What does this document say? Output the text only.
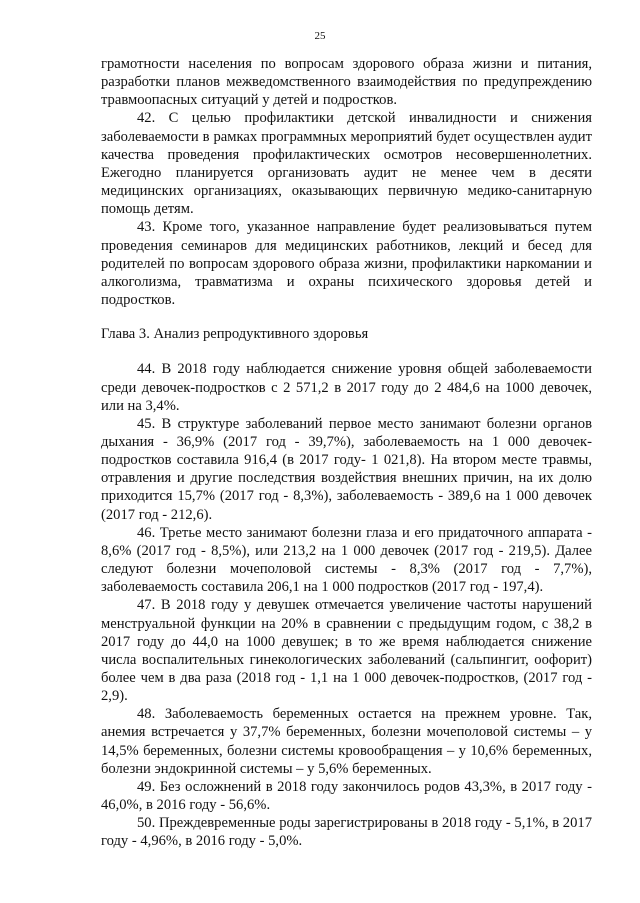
25

грамотности населения по вопросам здорового образа жизни и питания, разработки планов межведомственного взаимодействия по предупреждению травмоопасных ситуаций у детей и подростков.

42. С целью профилактики детской инвалидности и снижения заболеваемости в рамках программных мероприятий будет осуществлен аудит качества проведения профилактических осмотров несовершеннолетних. Ежегодно планируется организовать аудит не менее чем в десяти медицинских организациях, оказывающих первичную медико-санитарную помощь детям.

43. Кроме того, указанное направление будет реализовываться путем проведения семинаров для медицинских работников, лекций и бесед для родителей по вопросам здорового образа жизни, профилактики наркомании и алкоголизма, травматизма и охраны психического здоровья детей и подростков.

Глава 3. Анализ репродуктивного здоровья

44. В 2018 году наблюдается снижение уровня общей заболеваемости среди девочек-подростков с 2 571,2 в 2017 году до 2 484,6 на 1000 девочек, или на 3,4%.

45. В структуре заболеваний первое место занимают болезни органов дыхания - 36,9% (2017 год - 39,7%), заболеваемость на 1 000 девочек-подростков составила 916,4 (в 2017 году- 1 021,8). На втором месте травмы, отравления и другие последствия воздействия внешних причин, на их долю приходится 15,7% (2017 год - 8,3%), заболеваемость - 389,6 на 1 000 девочек (2017 год - 212,6).

46. Третье место занимают болезни глаза и его придаточного аппарата - 8,6% (2017 год - 8,5%), или 213,2 на 1 000 девочек (2017 год - 219,5). Далее следуют болезни мочеполовой системы - 8,3% (2017 год - 7,7%), заболеваемость составила 206,1 на 1 000 подростков (2017 год - 197,4).

47. В 2018 году у девушек отмечается увеличение частоты нарушений менструальной функции на 20% в сравнении с предыдущим годом, с 38,2 в 2017 году до 44,0 на 1000 девушек; в то же время наблюдается снижение числа воспалительных гинекологических заболеваний (сальпингит, оофорит) более чем в два раза (2018 год - 1,1 на 1 000 девочек-подростков, (2017 год - 2,9).

48. Заболеваемость беременных остается на прежнем уровне. Так, анемия встречается у 37,7% беременных, болезни мочеполовой системы – у 14,5% беременных, болезни системы кровообращения – у 10,6% беременных, болезни эндокринной системы – у 5,6% беременных.

49. Без осложнений в 2018 году закончилось родов 43,3%, в 2017 году - 46,0%, в 2016 году - 56,6%.

50. Преждевременные роды зарегистрированы в 2018 году - 5,1%, в 2017 году - 4,96%, в 2016 году - 5,0%.
